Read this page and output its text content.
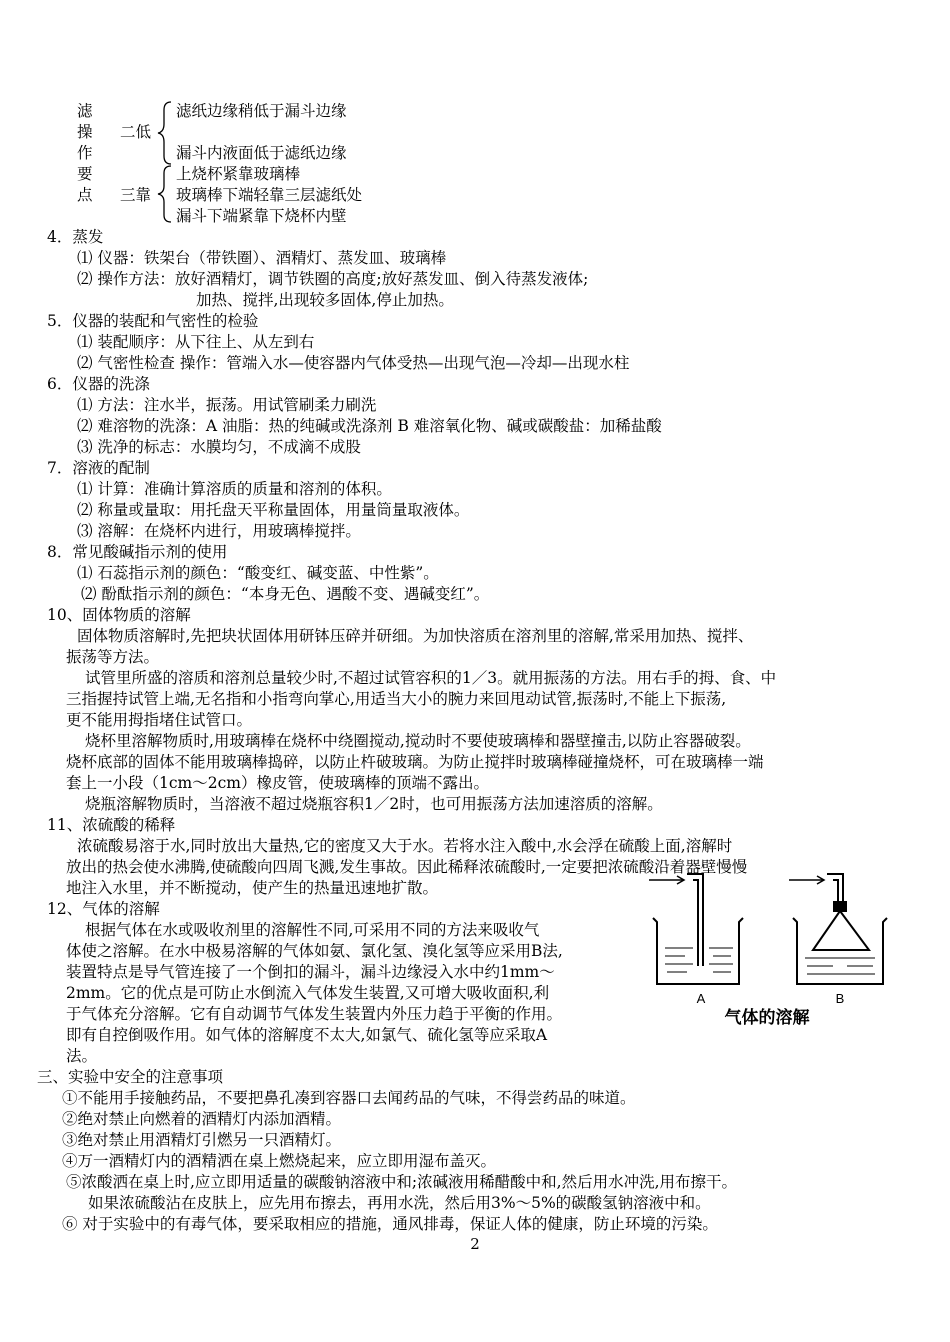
滤
操
作
要
点
二低
三靠
滤纸边缘稍低于漏斗边缘
漏斗内液面低于滤纸边缘
上烧杯紧靠玻璃棒
玻璃棒下端轻靠三层滤纸处
漏斗下端紧靠下烧杯内壁
4．蒸发
⑴ 仪器：铁架台（带铁圈）、酒精灯、蒸发皿、玻璃棒
⑵ 操作方法：放好酒精灯，调节铁圈的高度;放好蒸发皿、倒入待蒸发液体;
加热、搅拌,出现较多固体,停止加热。
5．仪器的装配和气密性的检验
⑴ 装配顺序：从下往上、从左到右
⑵ 气密性检查 操作：管端入水—使容器内气体受热—出现气泡—冷却—出现水柱
6．仪器的洗涤
⑴ 方法：注水半，振荡。用试管刷柔力刷洗
⑵ 难溶物的洗涤：A 油脂：热的纯碱或洗涤剂 B 难溶氧化物、碱或碳酸盐：加稀盐酸
⑶ 洗净的标志：水膜均匀，不成滴不成股
7．溶液的配制
⑴ 计算：准确计算溶质的质量和溶剂的体积。
⑵ 称量或量取：用托盘天平称量固体，用量筒量取液体。
⑶ 溶解：在烧杯内进行，用玻璃棒搅拌。
8．常见酸碱指示剂的使用
⑴ 石蕊指示剂的颜色：“酸变红、碱变蓝、中性紫”。
⑵ 酚酞指示剂的颜色：“本身无色、遇酸不变、遇碱变红”。
10、固体物质的溶解
固体物质溶解时,先把块状固体用研钵压碎并研细。为加快溶质在溶剂里的溶解,常采用加热、搅拌、
振荡等方法。
试管里所盛的溶质和溶剂总量较少时,不超过试管容积的1／3。就用振荡的方法。用右手的拇、食、中
三指握持试管上端,无名指和小指弯向掌心,用适当大小的腕力来回甩动试管,振荡时,不能上下振荡,
更不能用拇指堵住试管口。
烧杯里溶解物质时,用玻璃棒在烧杯中绕圈搅动,搅动时不要使玻璃棒和器壁撞击,以防止容器破裂。
烧杯底部的固体不能用玻璃棒捣碎，以防止杵破玻璃。为防止搅拌时玻璃棒碰撞烧杯，可在玻璃棒一端
套上一小段（1cm～2cm）橡皮管，使玻璃棒的顶端不露出。
烧瓶溶解物质时，当溶液不超过烧瓶容积1／2时，也可用振荡方法加速溶质的溶解。
11、浓硫酸的稀释
浓硫酸易溶于水,同时放出大量热,它的密度又大于水。若将水注入酸中,水会浮在硫酸上面,溶解时
放出的热会使水沸腾,使硫酸向四周飞溅,发生事故。因此稀释浓硫酸时,一定要把浓硫酸沿着器壁慢慢
地注入水里，并不断搅动，使产生的热量迅速地扩散。
12、气体的溶解
根据气体在水或吸收剂里的溶解性不同,可采用不同的方法来吸收气
体使之溶解。在水中极易溶解的气体如氨、氯化氢、溴化氢等应采用B法,
装置特点是导气管连接了一个倒扣的漏斗，漏斗边缘浸入水中约1mm～
2mm。它的优点是可防止水倒流入气体发生装置,又可增大吸收面积,利
于气体充分溶解。它有自动调节气体发生装置内外压力趋于平衡的作用。
即有自控倒吸作用。如气体的溶解度不太大,如氯气、硫化氢等应采取A
法。
A	B
气体的溶解
三、实验中安全的注意事项
①不能用手接触药品，不要把鼻孔凑到容器口去闻药品的气味，不得尝药品的味道。
②绝对禁止向燃着的酒精灯内添加酒精。
③绝对禁止用酒精灯引燃另一只酒精灯。
④万一酒精灯内的酒精洒在桌上燃烧起来，应立即用湿布盖灭。
⑤浓酸洒在桌上时,应立即用适量的碳酸钠溶液中和;浓碱液用稀醋酸中和,然后用水冲洗,用布擦干。
如果浓硫酸沾在皮肤上，应先用布擦去，再用水洗，然后用3%～5%的碳酸氢钠溶液中和。
⑥ 对于实验中的有毒气体，要采取相应的措施，通风排毒，保证人体的健康，防止环境的污染。
2
